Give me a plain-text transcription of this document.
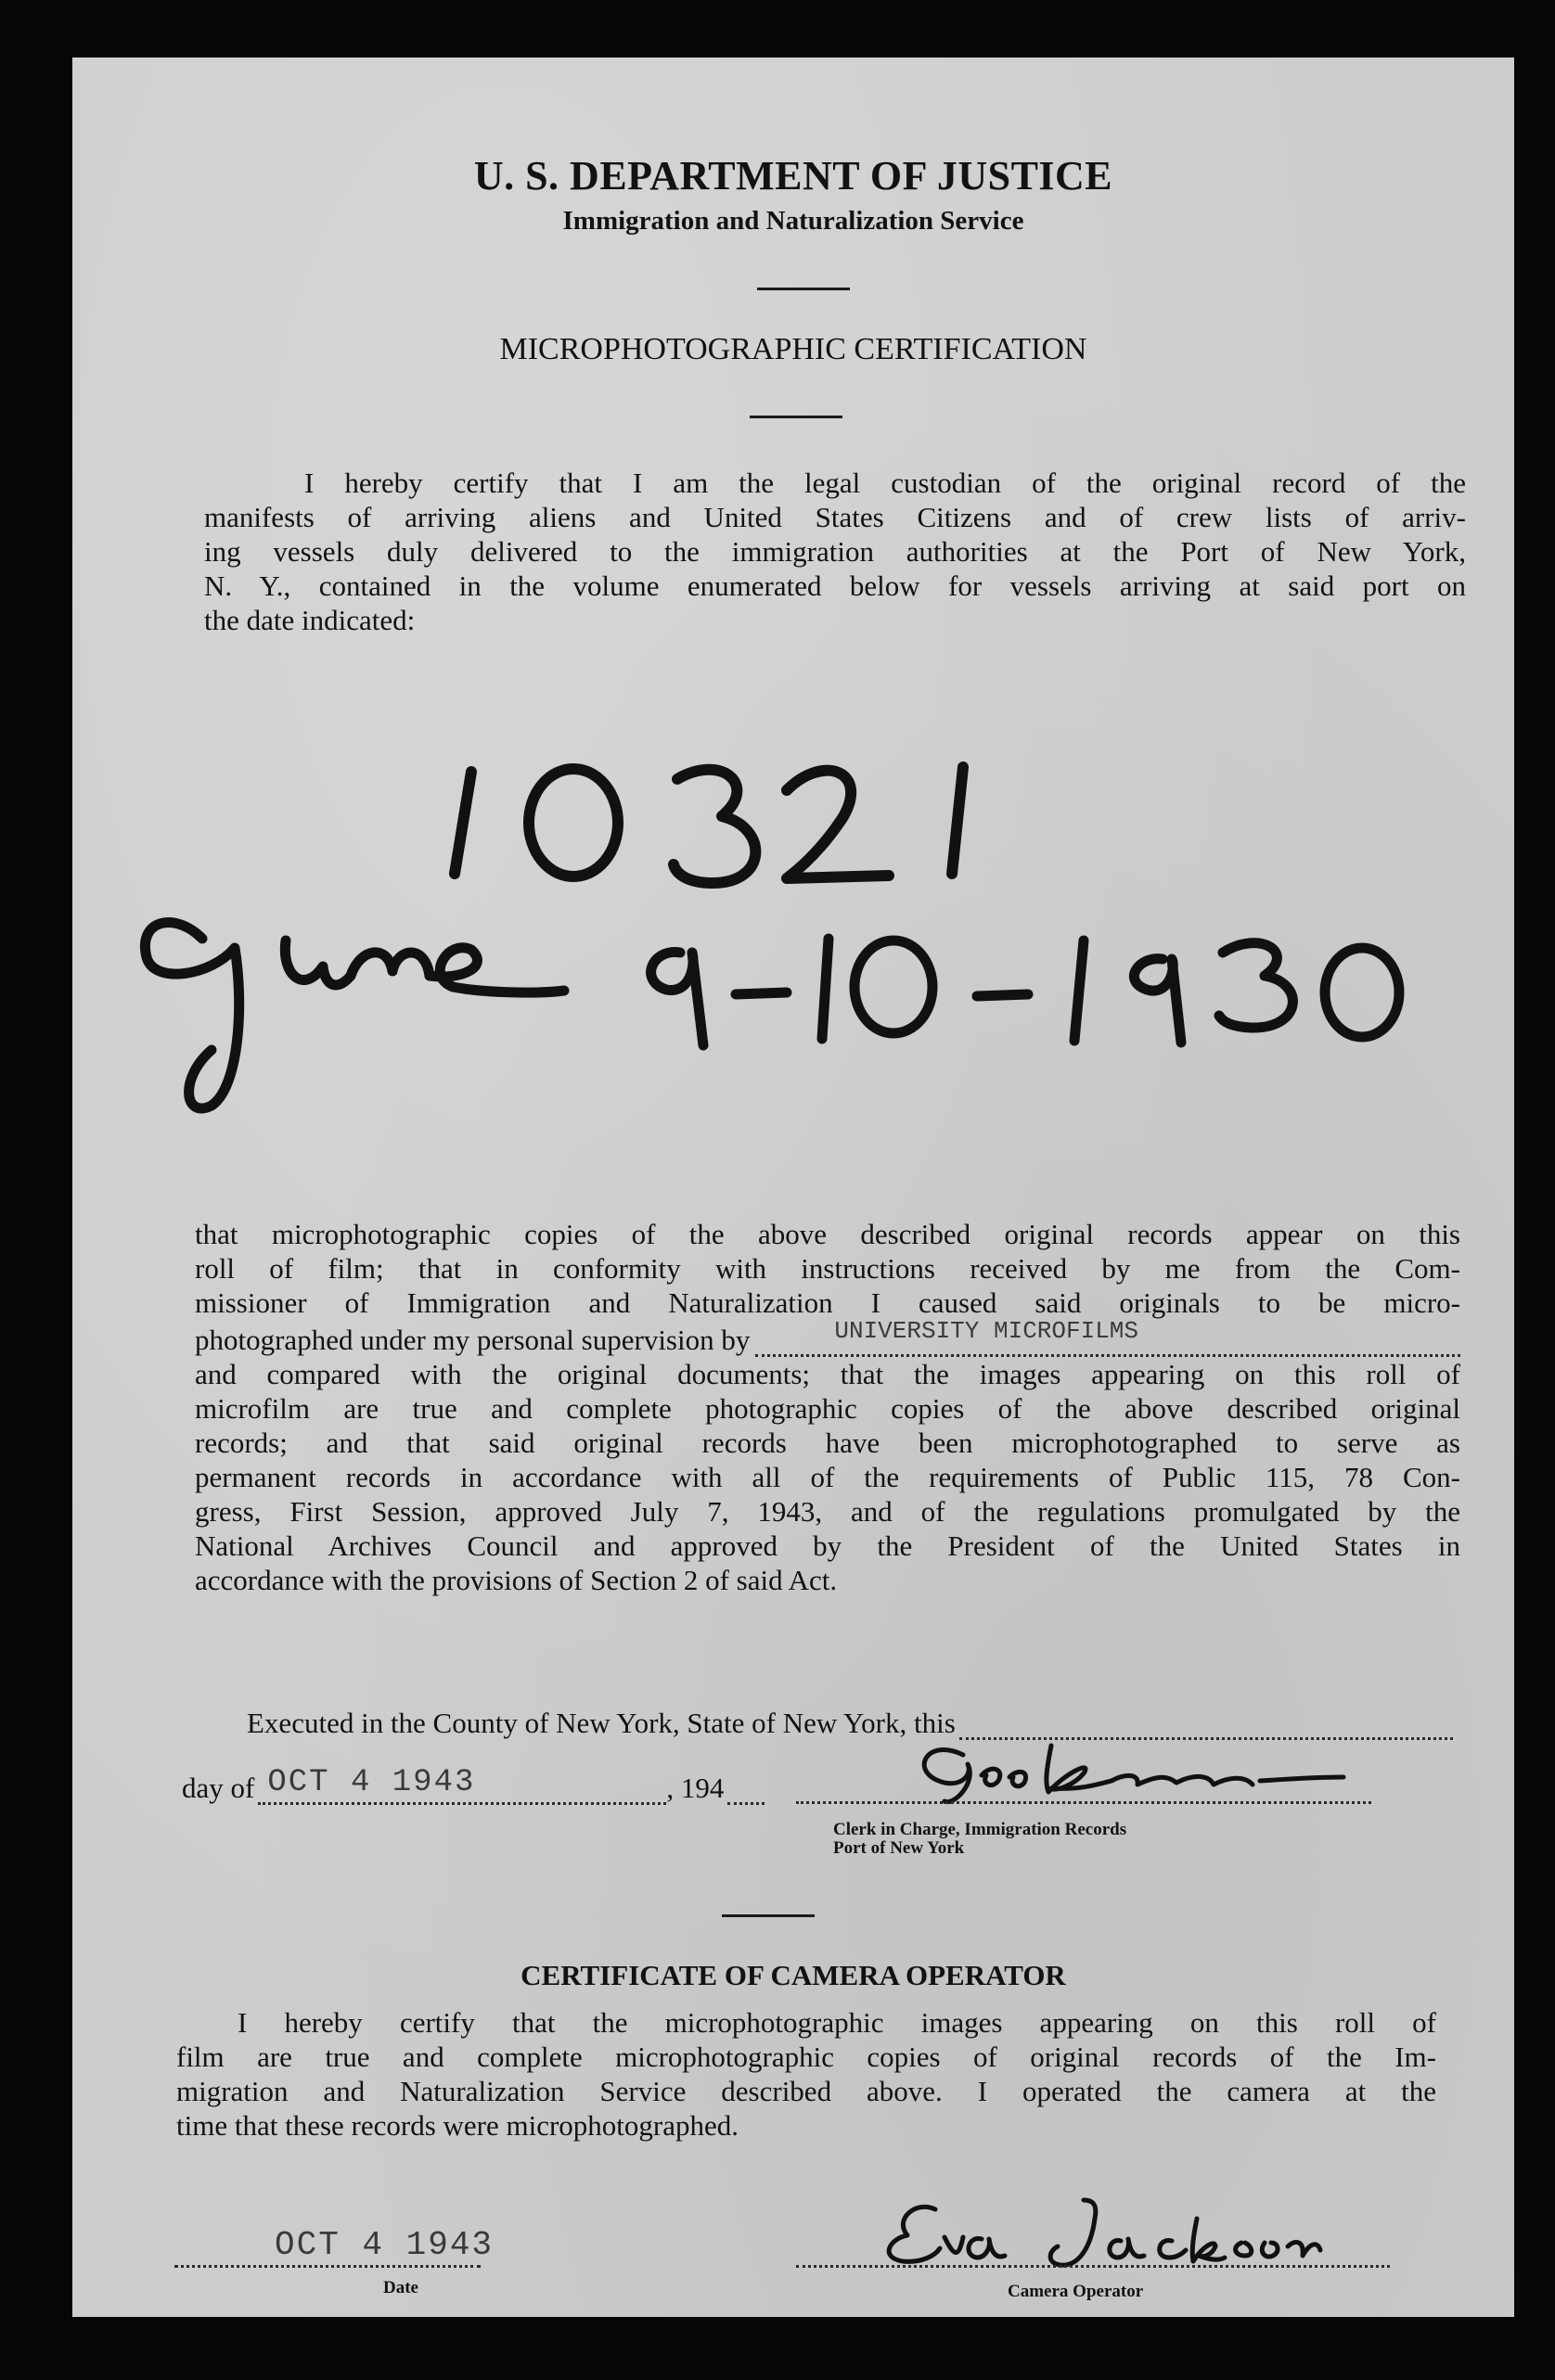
U. S. DEPARTMENT OF JUSTICE
Immigration and Naturalization Service
MICROPHOTOGRAPHIC CERTIFICATION
I hereby certify that I am the legal custodian of the original record of the
manifests of arriving aliens and United States Citizens and of crew lists of arriv-
ing vessels duly delivered to the immigration authorities at the Port of New York,
N. Y., contained in the volume enumerated below for vessels arriving at said port on
the date indicated:
that microphotographic copies of the above described original records appear on this
roll of film; that in conformity with instructions received by me from the Com-
missioner of Immigration and Naturalization I caused said originals to be micro-
photographed under my personal supervision by	UNIVERSITY MICROFILMS
and compared with the original documents; that the images appearing on this roll of
microfilm are true and complete photographic copies of the above described original
records; and that said original records have been microphotographed to serve as
permanent records in accordance with all of the requirements of Public 115, 78 Con-
gress, First Session, approved July 7, 1943, and of the regulations promulgated by the
National Archives Council and approved by the President of the United States in
accordance with the provisions of Section 2 of said Act.
Executed in the County of New York, State of New York, this
day of OCT 4 1943	, 194
Clerk in Charge, Immigration Records
Port of New York
CERTIFICATE OF CAMERA OPERATOR
I hereby certify that the microphotographic images appearing on this roll of
film are true and complete microphotographic copies of original records of the Im-
migration and Naturalization Service described above. I operated the camera at the
time that these records were microphotographed.
OCT 4 1943
Date	Camera Operator
